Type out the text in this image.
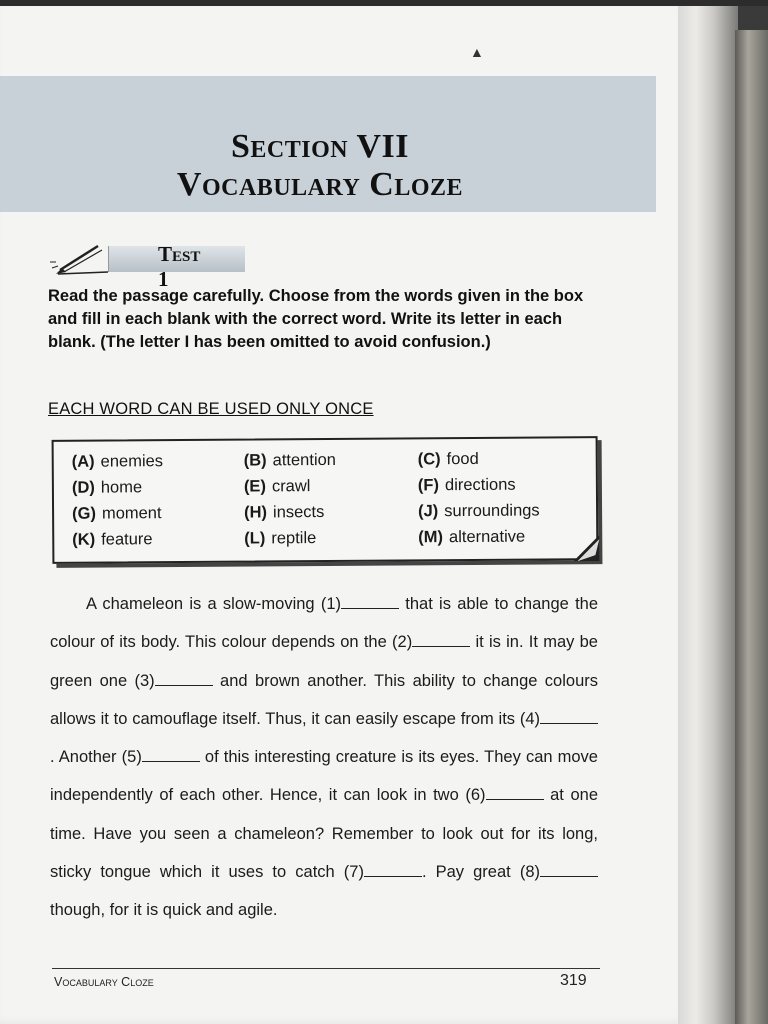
▲
Section VII
Vocabulary Cloze
Test 1
Read the passage carefully. Choose from the words given in the box and fill in each blank with the correct word. Write its letter in each blank. (The letter I has been omitted to avoid confusion.)
EACH WORD CAN BE USED ONLY ONCE
(A) enemies	(B) attention	(C) food
(D) home	(E) crawl	(F) directions
(G) moment	(H) insects	(J) surroundings
(K) feature	(L) reptile	(M) alternative

A chameleon is a slow-moving (1)	that is able to change the colour of its body. This colour depends on the (2)	it is in. It may be green one (3)	and brown another. This ability to change colours allows it to camouflage itself. Thus, it can easily escape from its (4). Another (5)	of this interesting creature is its eyes. They can move independently of each other. Hence, it can look in two (6)	at one time. Have you seen a chameleon? Remember to look out for its long, sticky tongue which it uses to catch (7)	. Pay great (8) though, for it is quick and agile.

Vocabulary Cloze	319
